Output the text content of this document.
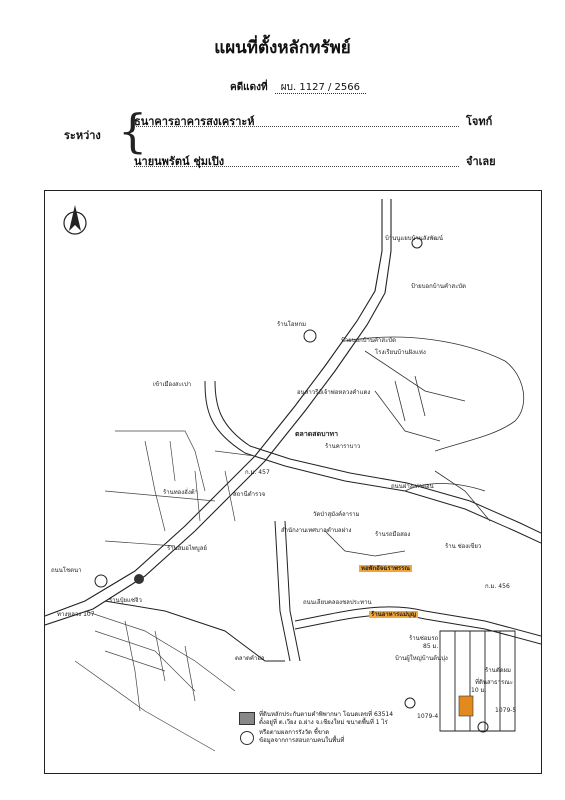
แผนที่ตั้งหลักทรัพย์
คดีแดงที่ ผบ. 1127 / 2566
ระหว่าง {
ธนาคารอาคารสงเคราะห์	โจทก์
นายนพรัตน์ ชุ่มเปิง	จำเลย
บ้านนูแยบบ้านลังพัฒน์
ป้ายบอกบ้านคำสะบัด
ร้านโอหกม
ป้ายบอกบ้านคำสะบัด
โรงเรียนบ้านฝังแห่ง
เข้าเมืองสะเปา
อนุสาวรีย์เจ้าพ่อหลวงคำแดง
ตลาดสดบาทา
ร้านคาราบาว
ก.ม. 457
ร้านทองฮั่งต้า	สถานีตำรวจ
วัดป่าสุมังค์ลาราม
ถนนฝาง-ท่าตอน
ร้านสมอไพบูลย์
สำนักงานเทศบาลตำบลฝาง
ร้านรถมือสอง
ร้าน ช่องเขียว
หอพักอัจฉราพรรณ
ก.ม. 456
ถนนเลียบคลองชลประทาน
ร้านอาหารแม่บุญ
ถนนโชตนา
ร้านปุ๋ยแซ่จิว
ร้านซ่อมรถ
85 ม.
บ้านผู้ใหญ่บ้านต้นปุง
ตลาดคำฮ่อ
ร้านตัดผม
ที่ดินสาธารณะ
10 ม.
1079-4
1079-5
ทางหลวง 107
ที่ดินหลักประกันตามคำพิพากษา โฉนดเลขที่ 63514
ตั้งอยู่ที่ ต.เวียง อ.ฝาง จ.เชียงใหม่ ขนาดพื้นที่ 1 ไร่
หรือตามผลการรังวัด ชี้ขาด
ข้อมูลจากการสอบถามคนในพื้นที่
